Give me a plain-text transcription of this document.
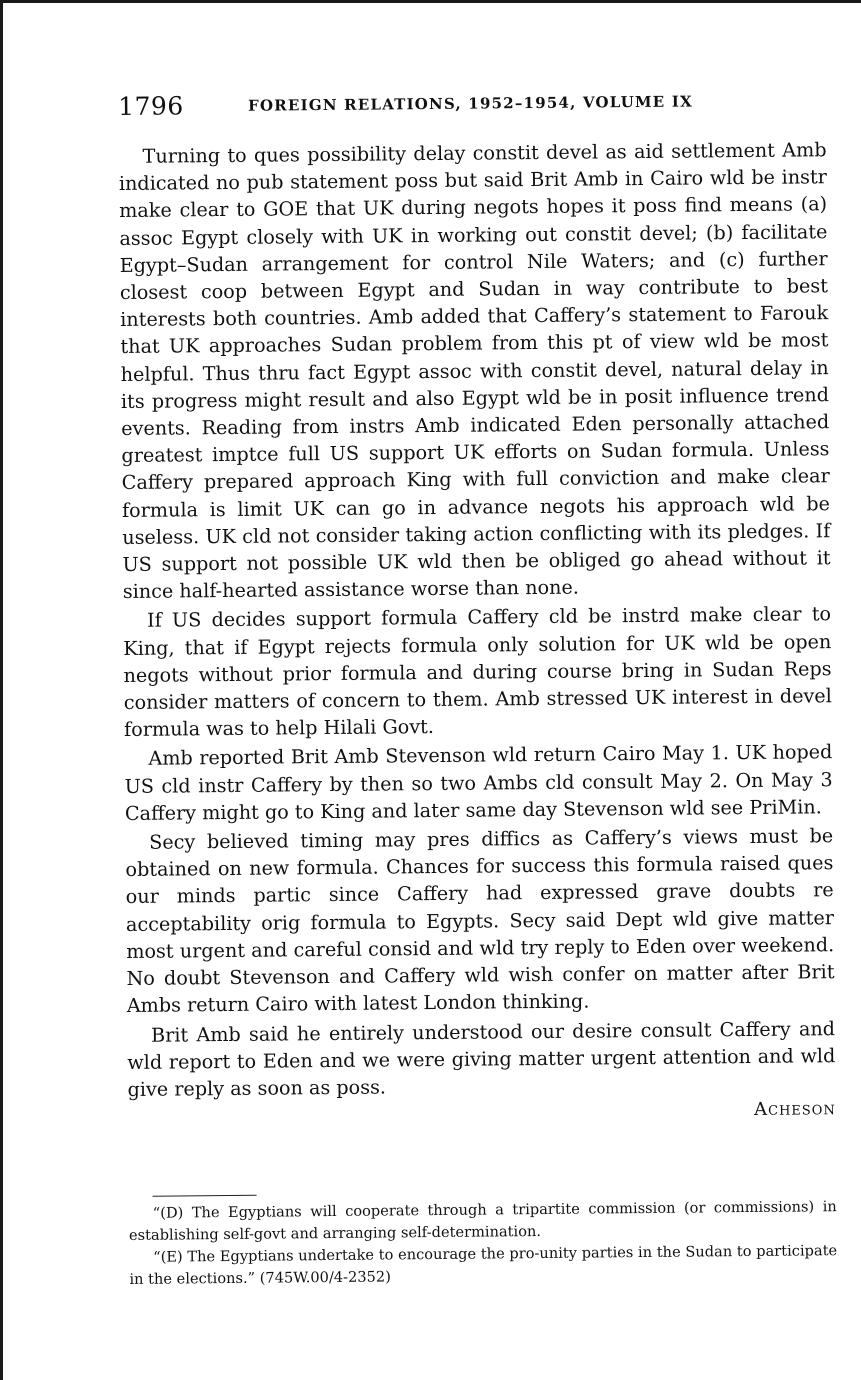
1796	FOREIGN RELATIONS, 1952–1954, VOLUME IX

Turning to ques possibility delay constit devel as aid settlement Amb indicated no pub statement poss but said Brit Amb in Cairo wld be instr make clear to GOE that UK during negots hopes it poss find means (a) assoc Egypt closely with UK in working out constit devel; (b) facilitate Egypt–Sudan arrangement for control Nile Waters; and (c) further closest coop between Egypt and Sudan in way contribute to best interests both countries. Amb added that Caffery’s statement to Farouk that UK approaches Sudan problem from this pt of view wld be most helpful. Thus thru fact Egypt assoc with constit devel, natural delay in its progress might result and also Egypt wld be in posit influence trend events. Reading from instrs Amb indicated Eden personally attached greatest imptce full US support UK efforts on Sudan formula. Unless Caffery prepared approach King with full conviction and make clear formula is limit UK can go in advance negots his approach wld be useless. UK cld not consider taking action conflicting with its pledges. If US support not possible UK wld then be obliged go ahead without it since half-hearted assistance worse than none.

If US decides support formula Caffery cld be instrd make clear to King, that if Egypt rejects formula only solution for UK wld be open negots without prior formula and during course bring in Sudan Reps consider matters of concern to them. Amb stressed UK interest in devel formula was to help Hilali Govt.

Amb reported Brit Amb Stevenson wld return Cairo May 1. UK hoped US cld instr Caffery by then so two Ambs cld consult May 2. On May 3 Caffery might go to King and later same day Stevenson wld see PriMin.

Secy believed timing may pres diffics as Caffery’s views must be obtained on new formula. Chances for success this formula raised ques our minds partic since Caffery had expressed grave doubts re acceptability orig formula to Egypts. Secy said Dept wld give matter most urgent and careful consid and wld try reply to Eden over weekend. No doubt Stevenson and Caffery wld wish confer on matter after Brit Ambs return Cairo with latest London thinking.

Brit Amb said he entirely understood our desire consult Caffery and wld report to Eden and we were giving matter urgent attention and wld give reply as soon as poss.

Acheson

“(D) The Egyptians will cooperate through a tripartite commission (or commissions) in establishing self-govt and arranging self-determination.

“(E) The Egyptians undertake to encourage the pro-unity parties in the Sudan to participate in the elections.” (745W.00/4-2352)
